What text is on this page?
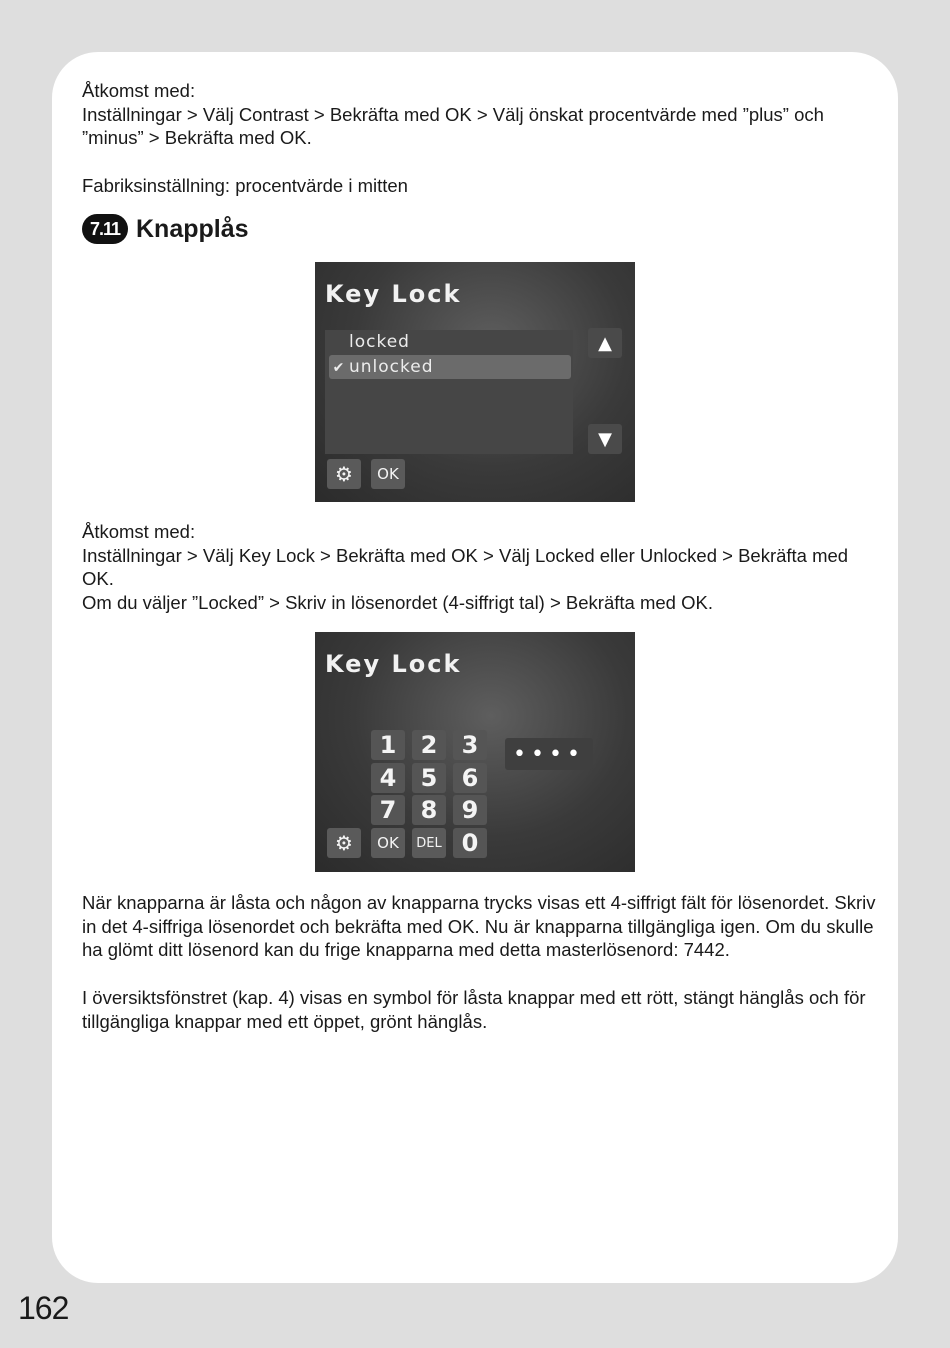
Åtkomst med:

Inställningar > Välj Contrast > Bekräfta med OK > Välj önskat procentvärde med ”plus” och ”minus” > Bekräfta med OK.

Fabriksinställning: procentvärde i mitten

7.11 Knapplås
Key Lock
locked
✔ unlocked
▲
▼
⚙ OK

Åtkomst med:

Inställningar > Välj Key Lock > Bekräfta med OK > Välj Locked eller Unlocked > Bekräfta med OK.

Om du väljer ”Locked” > Skriv in lösenordet (4-siffrigt tal) > Bekräfta med OK.

Key Lock
1	2	3
4	5	6
7	8	9
⚙	OK	DEL 0
••••

När knapparna är låsta och någon av knapparna trycks visas ett 4-siffrigt fält för lösenordet. Skriv in det 4-siffriga lösenordet och bekräfta med OK. Nu är knapparna tillgängliga igen. Om du skulle ha glömt ditt lösenord kan du frige knapparna med detta masterlösenord: 7442.

I översiktsfönstret (kap. 4) visas en symbol för låsta knappar med ett rött, stängt hänglås och för tillgängliga knappar med ett öppet, grönt hänglås.

162
